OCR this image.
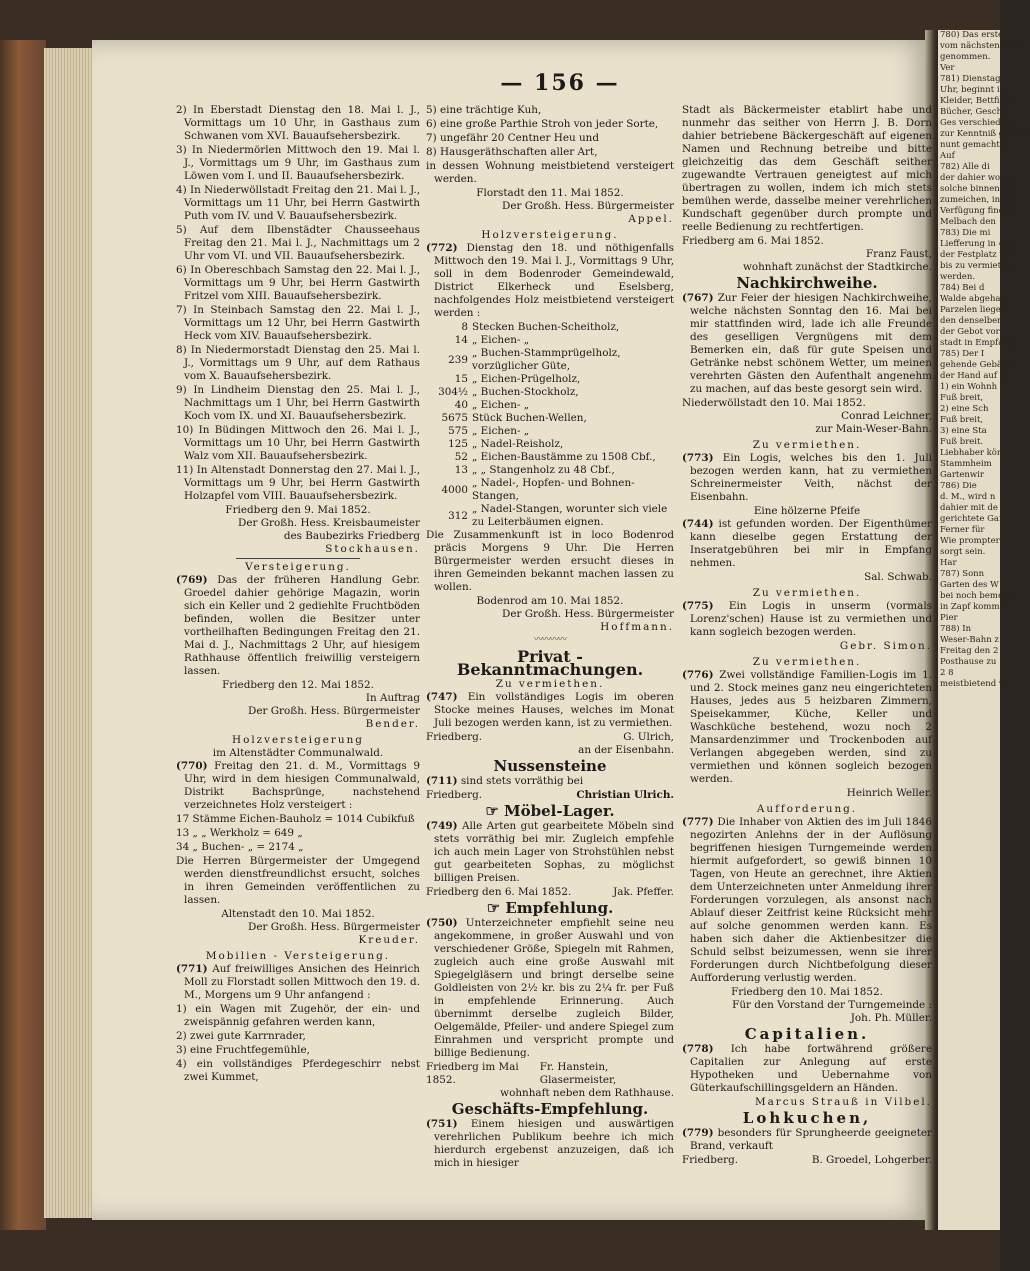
780) Das erste
vom nächsten Sonn-
genommen.
Ver
781) Dienstag
Uhr, beginnt in
Kleider, Bettfillen,
Bücher, Geschir,
Ges verschiedene
zur Kenntniß gesetzt
nunt gemacht we
Auf
782) Alle di
der dahier wohne
solche binnen 14
zumeichen, inden
Verfügung finden
Melbach den
783) Die mi
Liefferung in 4 Ja
der Festplatz und
bis zu vermiether
werden.
784) Bei d
Walde abgehalte
Parzelen liegen
den denselben
der Gebot vor
stadt in Empfang
785) Der I
gehende Gebäude
der Hand auf de
1) ein Wohnh
Fuß breit,
2) eine Sch
Fuß breit,
3) eine Sta
Fuß breit.
Liebhaber kön
Stammheim
Gartenwir
786) Die
d. M., wird n
dahier mit de
gerichtete Gar
Ferner für
Wie prompter
sorgt sein.
Har
787) Sonn
Garten des W
bei noch bemerk
in Zapf kommen
Pier
788) In
Weser-Bahn z
Freitag den 2
Posthause zu
2 8
meistbietend v
— 156 —

2) In Eberstadt Dienstag den 18. Mai l. J., Vormittags um 10 Uhr, in Gasthaus zum Schwanen vom XVI. Bauaufsehersbezirk.

3) In Niedermörlen Mittwoch den 19. Mai l. J., Vormittags um 9 Uhr, im Gasthaus zum Löwen vom I. und II. Bauaufsehersbezirk.

4) In Niederwöllstadt Freitag den 21. Mai l. J., Vormittags um 11 Uhr, bei Herrn Gastwirth Puth vom IV. und V. Bauaufsehersbezirk.

5) Auf dem Ilbenstädter Chausseehaus Freitag den 21. Mai l. J., Nachmittags um 2 Uhr vom VI. und VII. Bauaufsehersbezirk.

6) In Obereschbach Samstag den 22. Mai l. J., Vormittags um 9 Uhr, bei Herrn Gastwirth Fritzel vom XIII. Bauaufsehersbezirk.

7) In Steinbach Samstag den 22. Mai l. J., Vormittags um 12 Uhr, bei Herrn Gastwirth Heck vom XIV. Bauaufsehersbezirk.

8) In Niedermorstadt Dienstag den 25. Mai l. J., Vormittags um 9 Uhr, auf dem Rathaus vom X. Bauaufsehersbezirk.

9) In Lindheim Dienstag den 25. Mai l. J., Nachmittags um 1 Uhr, bei Herrn Gastwirth Koch vom IX. und XI. Bauaufsehersbezirk.

10) In Büdingen Mittwoch den 26. Mai l. J., Vormittags um 10 Uhr, bei Herrn Gastwirth Walz vom XII. Bauaufsehersbezirk.

11) In Altenstadt Donnerstag den 27. Mai l. J., Vormittags um 9 Uhr, bei Herrn Gastwirth Holzapfel vom VIII. Bauaufsehersbezirk.

Friedberg den 9. Mai 1852.

Der Großh. Hess. Kreisbaumeister

des Baubezirks Friedberg

Stockhausen.

Versteigerung.

(769) Das der früheren Handlung Gebr. Groedel dahier gehörige Magazin, worin sich ein Keller und 2 gediehlte Fruchtböden befinden, wollen die Besitzer unter vortheilhaften Bedingungen Freitag den 21. Mai d. J., Nachmittags 2 Uhr, auf hiesigem Rathhause öffentlich freiwillig versteigern lassen.

Friedberg den 12. Mai 1852.

In Auftrag

Der Großh. Hess. Bürgermeister

Bender.

Holzversteigerung

im Altenstädter Communalwald.

(770) Freitag den 21. d. M., Vormittags 9 Uhr, wird in dem hiesigen Communalwald, Distrikt Bachsprünge, nachstehend verzeichnetes Holz versteigert :

17 Stämme Eichen-Bauholz = 1014 Cubikfuß

13 „ „ Werkholz = 649 „

34 „ Buchen- „ = 2174 „

Die Herren Bürgermeister der Umgegend werden dienstfreundlichst ersucht, solches in ihren Gemeinden veröffentlichen zu lassen.

Altenstadt den 10. Mai 1852.

Der Großh. Hess. Bürgermeister

Kreuder.

Mobilien - Versteigerung.

(771) Auf freiwilliges Ansichen des Heinrich Moll zu Florstadt sollen Mittwoch den 19. d. M., Morgens um 9 Uhr anfangend :

1) ein Wagen mit Zugehör, der ein- und zweispännig gefahren werden kann,

2) zwei gute Karrnrader,

3) eine Fruchtfegemühle,

4) ein vollständiges Pferdegeschirr nebst zwei Kummet,

5) eine trächtige Kuh,

6) eine große Parthie Stroh von jeder Sorte,

7) ungefähr 20 Centner Heu und

8) Hausgeräthschaften aller Art,

in dessen Wohnung meistbietend versteigert werden.

Florstadt den 11. Mai 1852.

Der Großh. Hess. Bürgermeister

Appel.

Holzversteigerung.

(772) Dienstag den 18. und nöthigenfalls Mittwoch den 19. Mai l. J., Vormittags 9 Uhr, soll in dem Bodenroder Gemeindewald, District Elkerheck und Eselsberg, nachfolgendes Holz meistbietend versteigert werden :

8	Stecken Buchen-Scheitholz,
14	„ Eichen- „
239	„ Buchen-Stammprügelholz, vorzüglicher Güte,
15	„ Eichen-Prügelholz,
304½	„ Buchen-Stockholz,
40	„ Eichen- „
5675	Stück Buchen-Wellen,
575	„ Eichen- „
125	„ Nadel-Reisholz,
52	„ Eichen-Baustämme zu 1508 Cbf.,
13	„ „ Stangenholz zu 48 Cbf.,
4000	„ Nadel-, Hopfen- und Bohnen-Stangen,
312	„ Nadel-Stangen, worunter sich viele zu Leiterbäumen eignen.

Die Zusammenkunft ist in loco Bodenrod präcis Morgens 9 Uhr. Die Herren Bürgermeister werden ersucht dieses in ihren Gemeinden bekannt machen lassen zu wollen.

Bodenrod am 10. Mai 1852.

Der Großh. Hess. Bürgermeister

Hoffmann.

〰〰〰〰

Privat - Bekanntmachungen.

Zu vermiethen.

(747) Ein vollständiges Logis im oberen Stocke meines Hauses, welches im Monat Juli bezogen werden kann, ist zu vermiethen.

Friedberg.	G. Ulrich,

an der Eisenbahn.

Nussensteine

(711) sind stets vorräthig bei

Friedberg.	Christian Ulrich.

☞ Möbel-Lager.

(749) Alle Arten gut gearbeitete Möbeln sind stets vorräthig bei mir. Zugleich empfehle ich auch mein Lager von Strohstühlen nebst gut gearbeiteten Sophas, zu möglichst billigen Preisen.

Friedberg den 6. Mai 1852.	Jak. Pfeffer.

☞ Empfehlung.

(750) Unterzeichneter empfiehlt seine neu angekommene, in großer Auswahl und von verschiedener Größe, Spiegeln mit Rahmen, zugleich auch eine große Auswahl mit Spiegelgläsern und bringt derselbe seine Goldleisten von 2½ kr. bis zu 2¼ fr. per Fuß in empfehlende Erinnerung. Auch übernimmt derselbe zugleich Bilder, Oelgemälde, Pfeiler- und andere Spiegel zum Einrahmen und verspricht prompte und billige Bedienung.

Friedberg im Mai 1852.
Fr. Hanstein, Glasermeister,

wohnhaft neben dem Rathhause.

Geschäfts-Empfehlung.

(751) Einem hiesigen und auswärtigen verehrlichen Publikum beehre ich mich hierdurch ergebenst anzuzeigen, daß ich mich in hiesiger

Stadt als Bäckermeister etablirt habe und nunmehr das seither von Herrn J. B. Dorn dahier betriebene Bäckergeschäft auf eigenen Namen und Rechnung betreibe und bitte gleichzeitig das dem Geschäft seither zugewandte Vertrauen geneigtest auf mich übertragen zu wollen, indem ich mich stets bemühen werde, dasselbe meiner verehrlichen Kundschaft gegenüber durch prompte und reelle Bedienung zu rechtfertigen.

Friedberg am 6. Mai 1852.

Franz Faust,

wohnhaft zunächst der Stadtkirche.

Nachkirchweihe.

(767) Zur Feier der hiesigen Nachkirchweihe, welche nächsten Sonntag den 16. Mai bei mir stattfinden wird, lade ich alle Freunde des geselligen Vergnügens mit dem Bemerken ein, daß für gute Speisen und Getränke nebst schönem Wetter, um meinen verehrten Gästen den Aufenthalt angenehm zu machen, auf das beste gesorgt sein wird.

Niederwöllstadt den 10. Mai 1852.

Conrad Leichner,

zur Main-Weser-Bahn.

Zu vermiethen.

(773) Ein Logis, welches bis den 1. Juli bezogen werden kann, hat zu vermiethen Schreinermeister Veith, nächst der Eisenbahn.

Eine hölzerne Pfeife

(744) ist gefunden worden. Der Eigenthümer kann dieselbe gegen Erstattung der Inseratgebühren bei mir in Empfang nehmen.

Sal. Schwab.

Zu vermiethen.

(775) Ein Logis in unserm (vormals Lorenz'schen) Hause ist zu vermiethen und kann sogleich bezogen werden.

Gebr. Simon.

Zu vermiethen.

(776) Zwei vollständige Familien-Logis im 1. und 2. Stock meines ganz neu eingerichteten Hauses, jedes aus 5 heizbaren Zimmern, Speisekammer, Küche, Keller und Waschküche bestehend, wozu noch 2 Mansardenzimmer und Trockenboden auf Verlangen abgegeben werden, sind zu vermiethen und können sogleich bezogen werden.

Heinrich Weller.

Aufforderung.

(777) Die Inhaber von Aktien des im Juli 1846 negozirten Anlehns der in der Auflösung begriffenen hiesigen Turngemeinde werden hiermit aufgefordert, so gewiß binnen 10 Tagen, von Heute an gerechnet, ihre Aktien dem Unterzeichneten unter Anmeldung ihrer Forderungen vorzulegen, als ansonst nach Ablauf dieser Zeitfrist keine Rücksicht mehr auf solche genommen werden kann. Es haben sich daher die Aktienbesitzer die Schuld selbst beizumessen, wenn sie ihrer Forderungen durch Nichtbefolgung dieser Aufforderung verlustig werden.

Friedberg den 10. Mai 1852.

Für den Vorstand der Turngemeinde :

Joh. Ph. Müller.

Capitalien.

(778) Ich habe fortwährend größere Capitalien zur Anlegung auf erste Hypotheken und Uebernahme von Güterkaufschillingsgeldern an Händen.

Marcus Strauß in Vilbel.

Lohkuchen,

(779) besonders für Sprungheerde geeigneter Brand, verkauft

Friedberg.	B. Groedel, Lohgerber.
